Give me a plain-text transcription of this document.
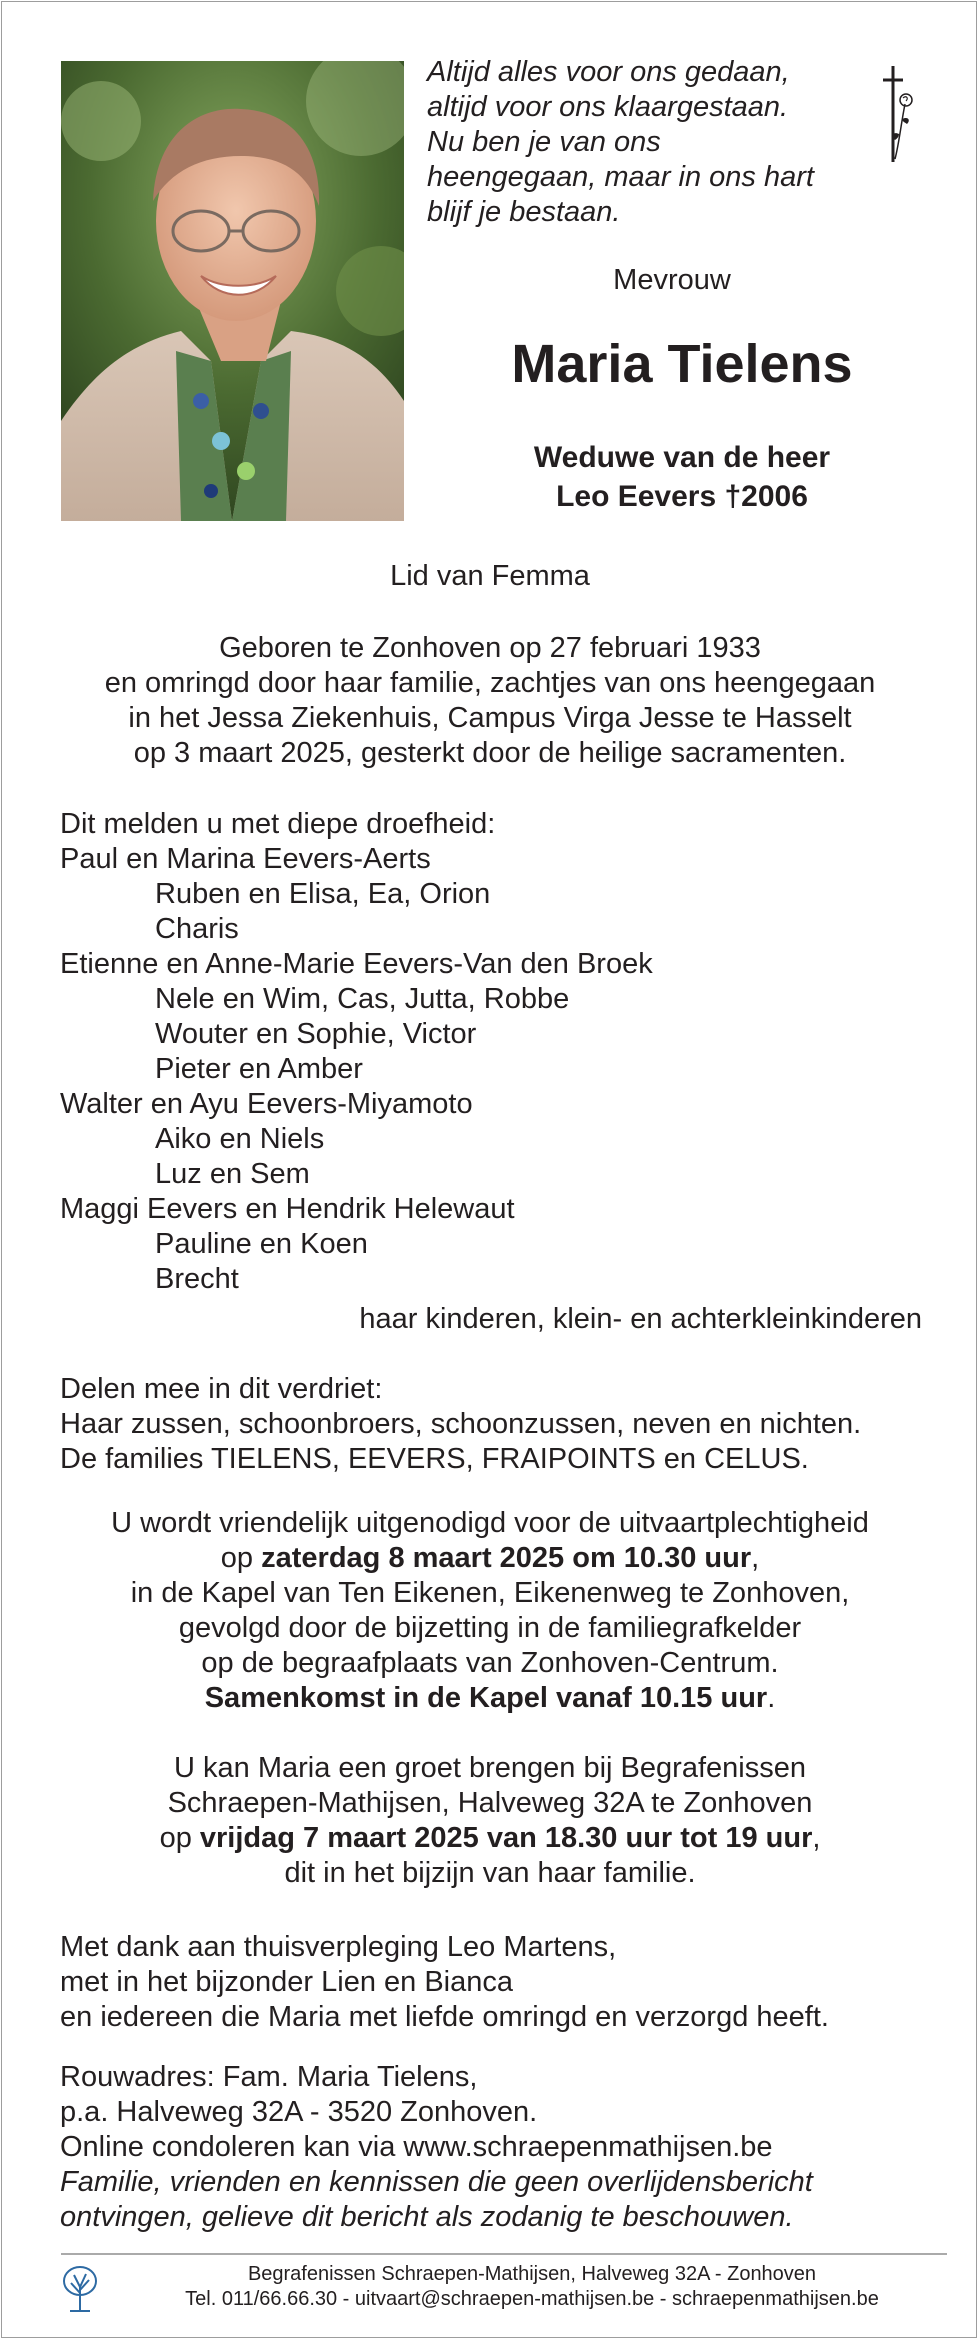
Altijd alles voor ons gedaan,
altijd voor ons klaargestaan.
Nu ben je van ons
heengegaan, maar in ons hart
blijf je bestaan.
Mevrouw
Maria Tielens
Weduwe van de heer
Leo Eevers †2006
Lid van Femma
Geboren te Zonhoven op 27 februari 1933
en omringd door haar familie, zachtjes van ons heengegaan
in het Jessa Ziekenhuis, Campus Virga Jesse te Hasselt
op 3 maart 2025, gesterkt door de heilige sacramenten.
Dit melden u met diepe droefheid:
Paul en Marina Eevers-Aerts
Ruben en Elisa, Ea, Orion
Charis
Etienne en Anne-Marie Eevers-Van den Broek
Nele en Wim, Cas, Jutta, Robbe
Wouter en Sophie, Victor
Pieter en Amber
Walter en Ayu Eevers-Miyamoto
Aiko en Niels
Luz en Sem
Maggi Eevers en Hendrik Helewaut
Pauline en Koen
Brecht
haar kinderen, klein- en achterkleinkinderen
Delen mee in dit verdriet:
Haar zussen, schoonbroers, schoonzussen, neven en nichten.
De families TIELENS, EEVERS, FRAIPOINTS en CELUS.
U wordt vriendelijk uitgenodigd voor de uitvaartplechtigheid
op zaterdag 8 maart 2025 om 10.30 uur,
in de Kapel van Ten Eikenen, Eikenenweg te Zonhoven,
gevolgd door de bijzetting in de familiegrafkelder
op de begraafplaats van Zonhoven-Centrum.
Samenkomst in de Kapel vanaf 10.15 uur.
U kan Maria een groet brengen bij Begrafenissen
Schraepen-Mathijsen, Halveweg 32A te Zonhoven
op vrijdag 7 maart 2025 van 18.30 uur tot 19 uur,
dit in het bijzijn van haar familie.
Met dank aan thuisverpleging Leo Martens,
met in het bijzonder Lien en Bianca
en iedereen die Maria met liefde omringd en verzorgd heeft.
Rouwadres: Fam. Maria Tielens,
p.a. Halveweg 32A - 3520 Zonhoven.
Online condoleren kan via www.schraepenmathijsen.be
Familie, vrienden en kennissen die geen overlijdensbericht
ontvingen, gelieve dit bericht als zodanig te beschouwen.
Begrafenissen Schraepen-Mathijsen, Halveweg 32A - Zonhoven
Tel. 011/66.66.30 - uitvaart@schraepen-mathijsen.be - schraepenmathijsen.be
